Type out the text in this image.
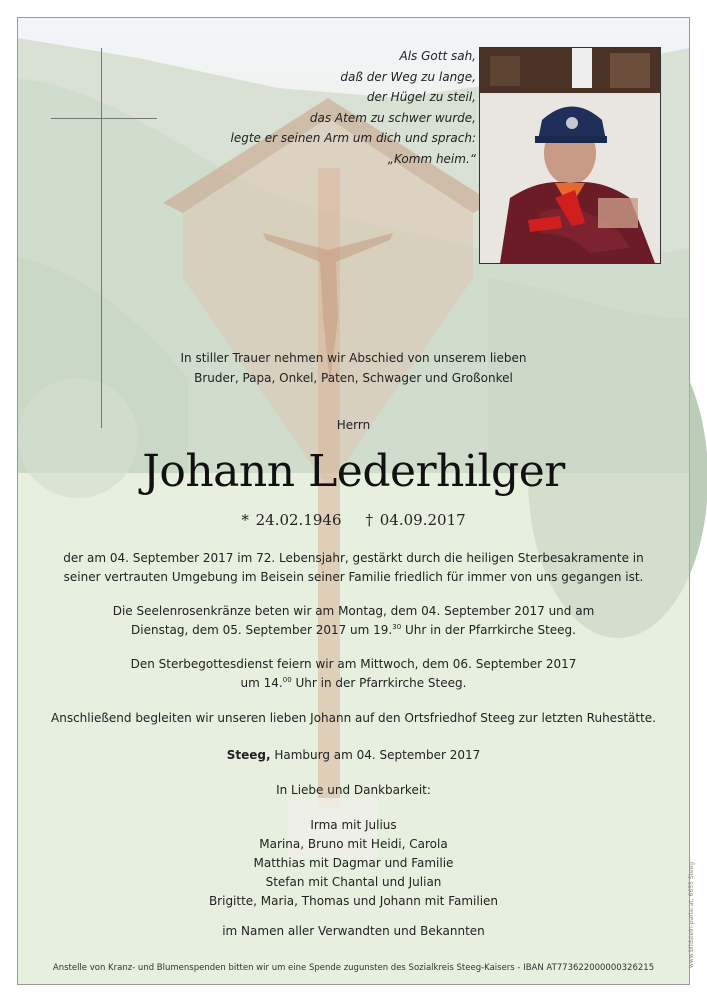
Als Gott sah,
daß der Weg zu lange,
der Hügel zu steil,
das Atem zu schwer wurde,
legte er seinen Arm um dich und sprach:
„Komm heim.“
In stiller Trauer nehmen wir Abschied von unserem lieben
Bruder, Papa, Onkel, Paten, Schwager und Großonkel
Herrn
Johann Lederhilger
* 24.02.1946 † 04.09.2017
der am 04. September 2017 im 72. Lebensjahr, gestärkt durch die heiligen Sterbesakramente in
seiner vertrauten Umgebung im Beisein seiner Familie friedlich für immer von uns gegangen ist.
Die Seelenrosenkränze beten wir am Montag, dem 04. September 2017 und am
Dienstag, dem 05. September 2017 um 19.30 Uhr in der Pfarrkirche Steeg.
Den Sterbegottesdienst feiern wir am Mittwoch, dem 06. September 2017
um 14.00 Uhr in der Pfarrkirche Steeg.
Anschließend begleiten wir unseren lieben Johann auf den Ortsfriedhof Steeg zur letzten Ruhestätte.
Steeg, Hamburg am 04. September 2017
In Liebe und Dankbarkeit:
Irma mit Julius
Marina, Bruno mit Heidi, Carola
Matthias mit Dagmar und Familie
Stefan mit Chantal und Julian
Brigitte, Maria, Thomas und Johann mit Familien
im Namen aller Verwandten und Bekannten
Anstelle von Kranz- und Blumenspenden bitten wir um eine Spende zugunsten des Sozialkreis Steeg-Kaisers - IBAN AT773622000000326215	www.bildstein-parte.at, 6655 Steeg
